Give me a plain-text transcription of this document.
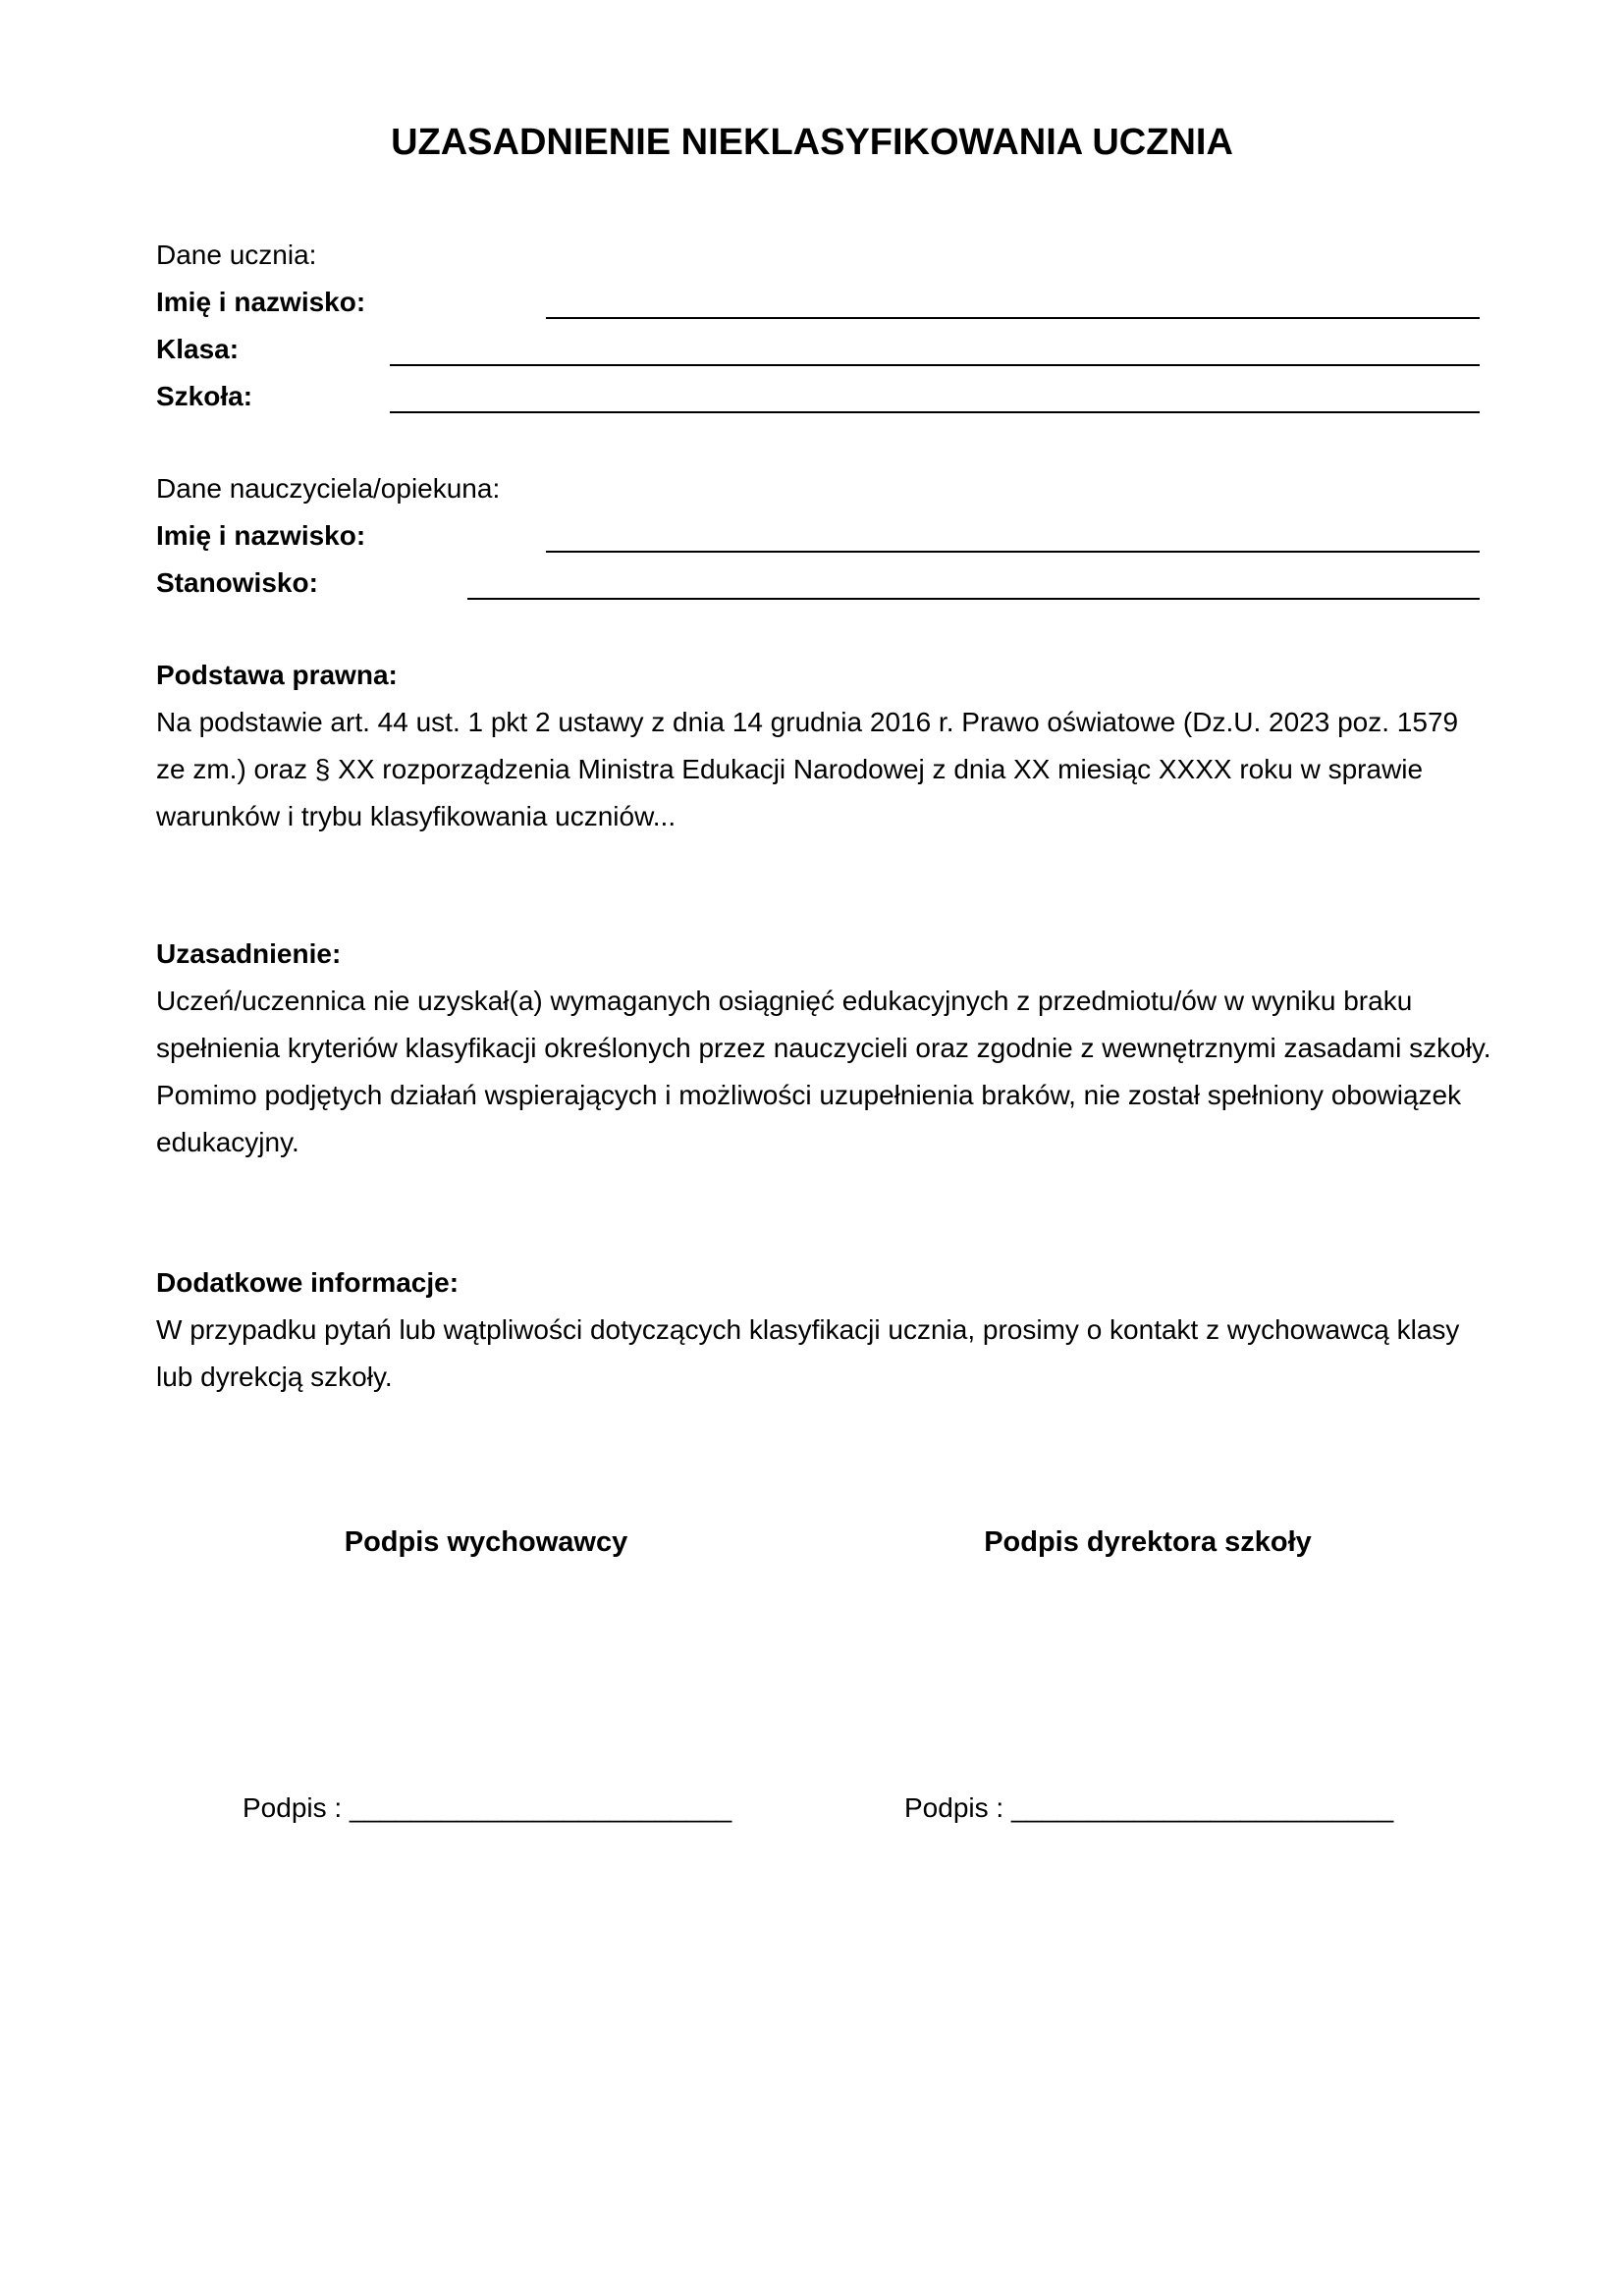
UZASADNIENIE NIEKLASYFIKOWANIA UCZNIA
Dane ucznia:
Imię i nazwisko:
Klasa:
Szkoła:
Dane nauczyciela/opiekuna:
Imię i nazwisko:
Stanowisko:
Podstawa prawna:

Na podstawie art. 44 ust. 1 pkt 2 ustawy z dnia 14 grudnia 2016 r. Prawo oświatowe (Dz.U. 2023 poz. 1579 ze zm.) oraz § XX rozporządzenia Ministra Edukacji Narodowej z dnia XX miesiąc XXXX roku w sprawie warunków i trybu klasyfikowania uczniów...

Uzasadnienie:

Uczeń/uczennica nie uzyskał(a) wymaganych osiągnięć edukacyjnych z przedmiotu/ów w wyniku braku spełnienia kryteriów klasyfikacji określonych przez nauczycieli oraz zgodnie z wewnętrznymi zasadami szkoły. Pomimo podjętych działań wspierających i możliwości uzupełnienia braków, nie został spełniony obowiązek edukacyjny.

Dodatkowe informacje:

W przypadku pytań lub wątpliwości dotyczących klasyfikacji ucznia, prosimy o kontakt z wychowawcą klasy lub dyrekcją szkoły.

Podpis wychowawcy	Podpis dyrektora szkoły
Podpis : _________________________	Podpis : _________________________
